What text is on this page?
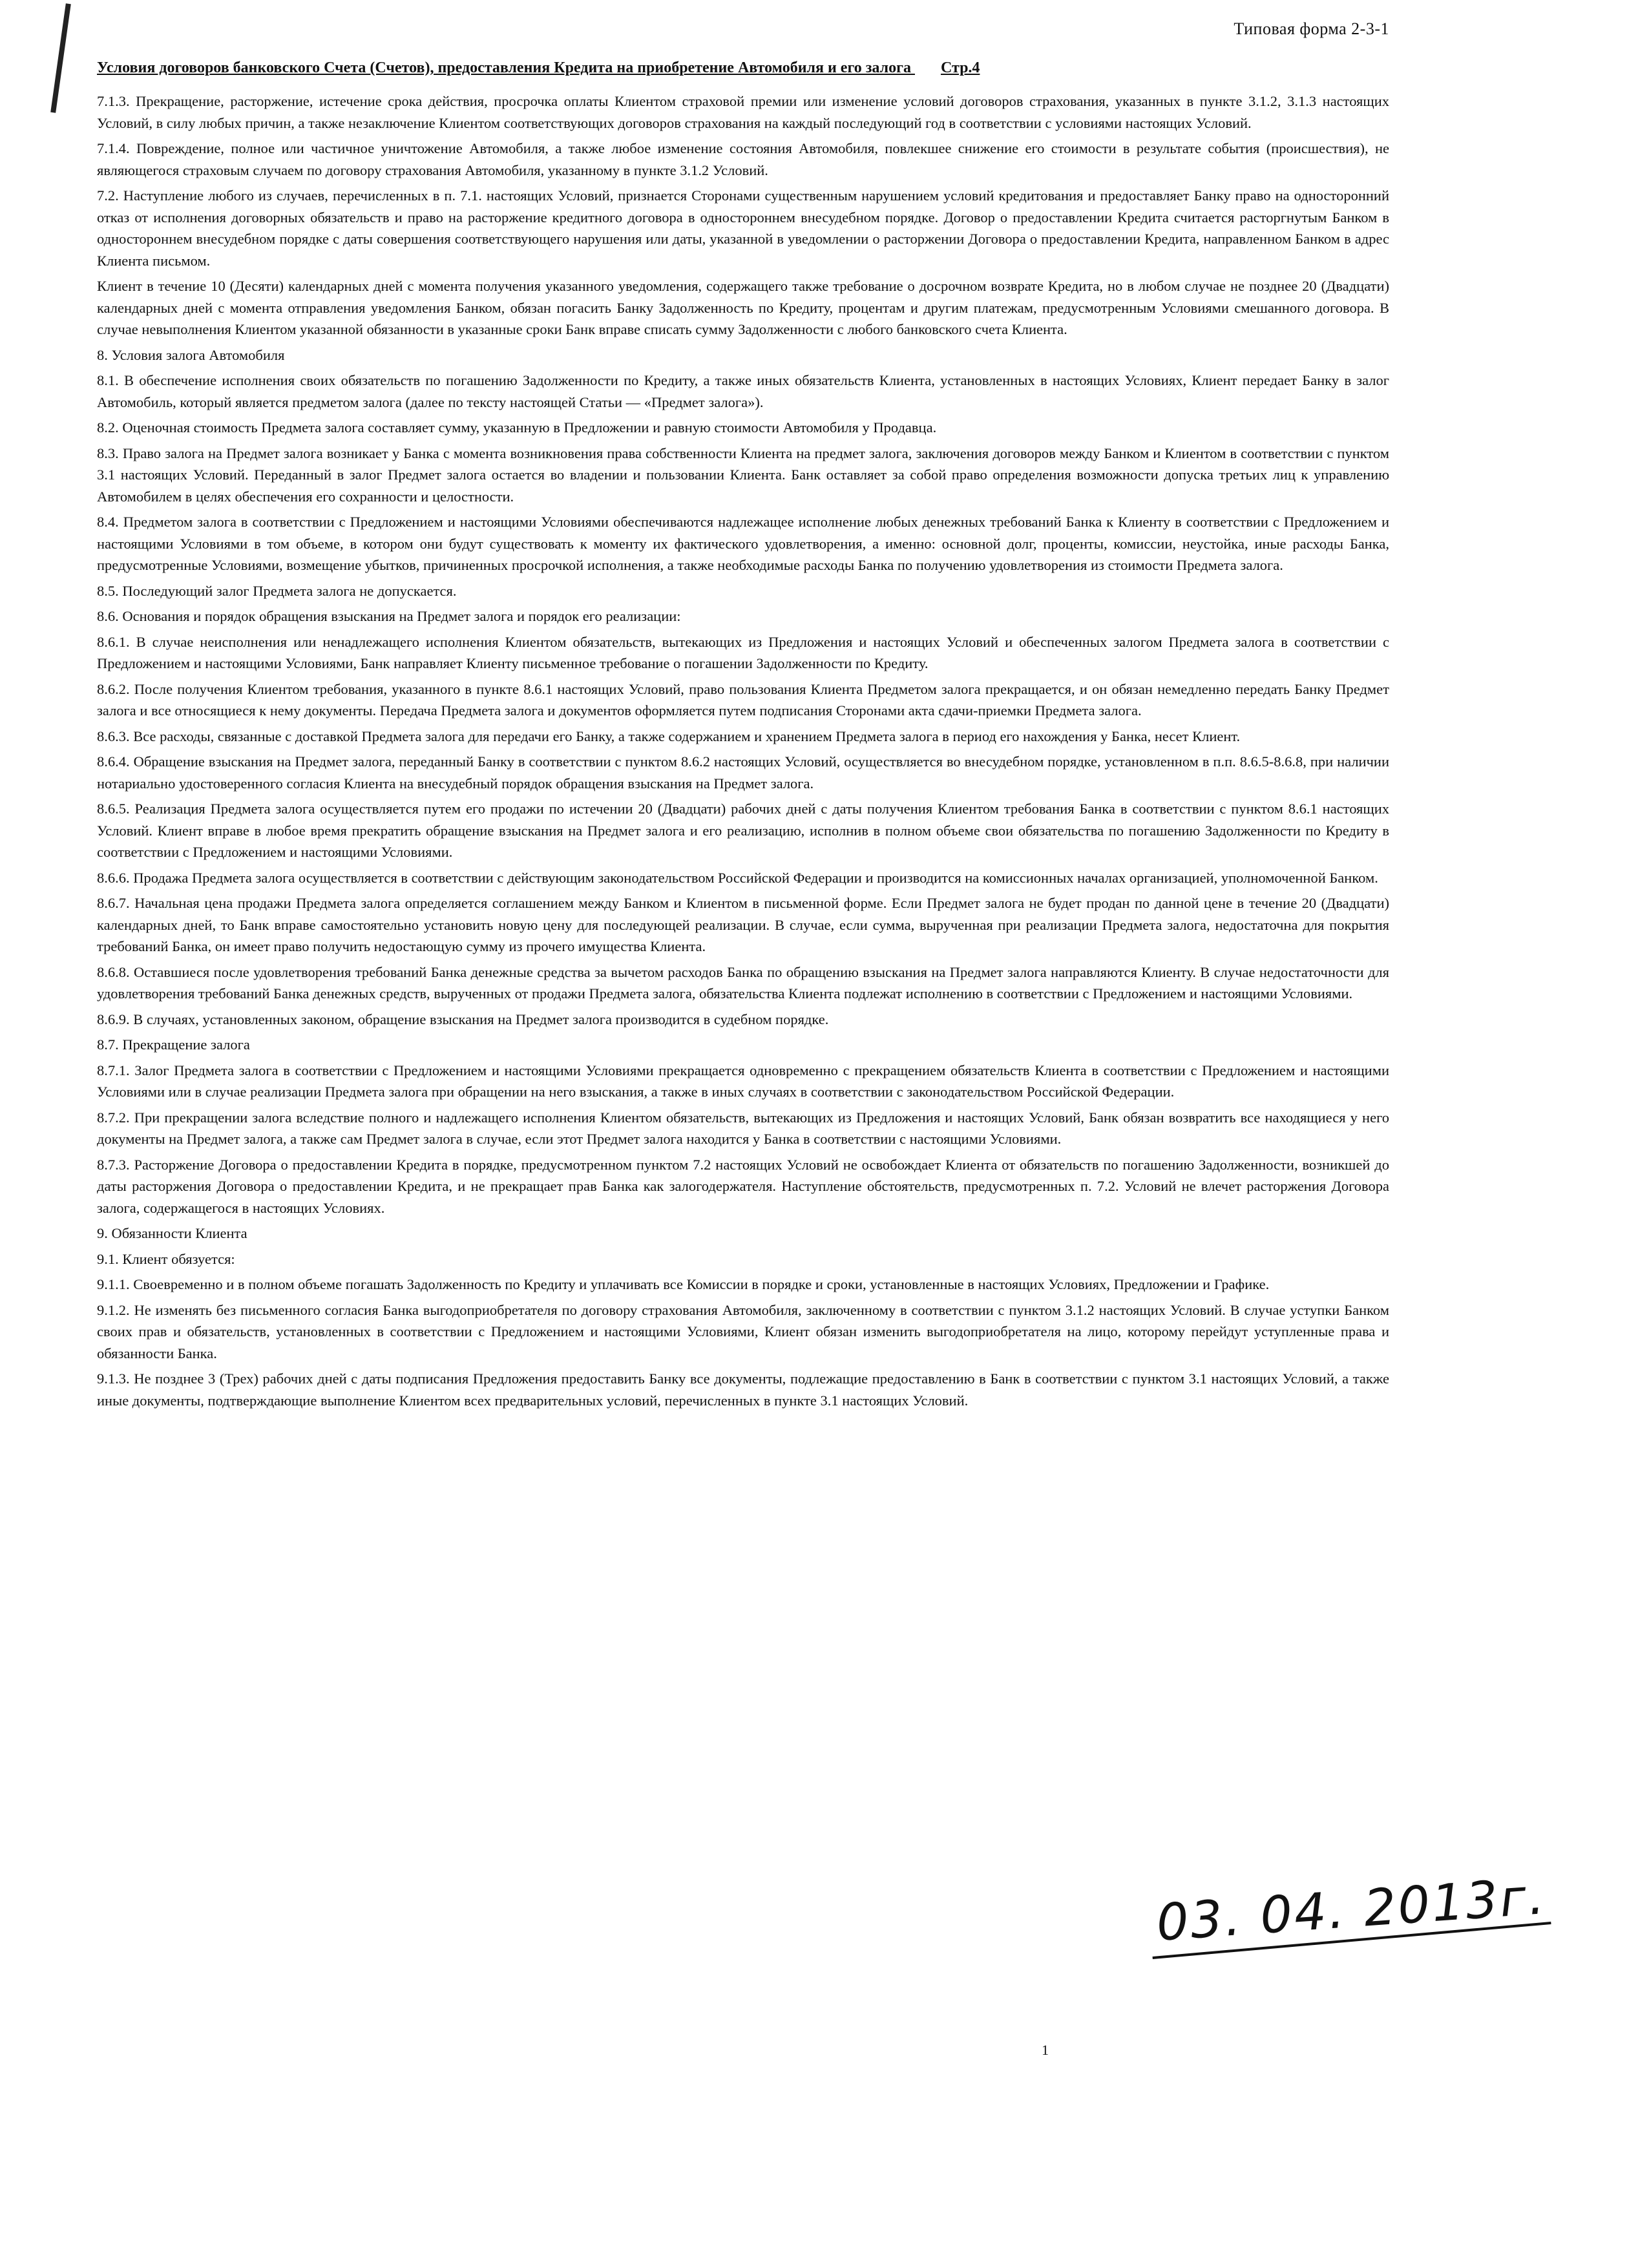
Типовая форма 2-3-1
Условия договоров банковского Счета (Счетов), предоставления Кредита на приобретение Автомобиля и его залога Стр.4

7.1.3. Прекращение, расторжение, истечение срока действия, просрочка оплаты Клиентом страховой премии или изменение условий договоров страхования, указанных в пункте 3.1.2, 3.1.3 настоящих Условий, в силу любых причин, а также незаключение Клиентом соответствующих договоров страхования на каждый последующий год в соответствии с условиями настоящих Условий.

7.1.4. Повреждение, полное или частичное уничтожение Автомобиля, а также любое изменение состояния Автомобиля, повлекшее снижение его стоимости в результате события (происшествия), не являющегося страховым случаем по договору страхования Автомобиля, указанному в пункте 3.1.2 Условий.

7.2. Наступление любого из случаев, перечисленных в п. 7.1. настоящих Условий, признается Сторонами существенным нарушением условий кредитования и предоставляет Банку право на односторонний отказ от исполнения договорных обязательств и право на расторжение кредитного договора в одностороннем внесудебном порядке. Договор о предоставлении Кредита считается расторгнутым Банком в одностороннем внесудебном порядке с даты совершения соответствующего нарушения или даты, указанной в уведомлении о расторжении Договора о предоставлении Кредита, направленном Банком в адрес Клиента письмом.

Клиент в течение 10 (Десяти) календарных дней с момента получения указанного уведомления, содержащего также требование о досрочном возврате Кредита, но в любом случае не позднее 20 (Двадцати) календарных дней с момента отправления уведомления Банком, обязан погасить Банку Задолженность по Кредиту, процентам и другим платежам, предусмотренным Условиями смешанного договора. В случае невыполнения Клиентом указанной обязанности в указанные сроки Банк вправе списать сумму Задолженности с любого банковского счета Клиента.

8. Условия залога Автомобиля

8.1. В обеспечение исполнения своих обязательств по погашению Задолженности по Кредиту, а также иных обязательств Клиента, установленных в настоящих Условиях, Клиент передает Банку в залог Автомобиль, который является предметом залога (далее по тексту настоящей Статьи — «Предмет залога»).

8.2. Оценочная стоимость Предмета залога составляет сумму, указанную в Предложении и равную стоимости Автомобиля у Продавца.

8.3. Право залога на Предмет залога возникает у Банка с момента возникновения права собственности Клиента на предмет залога, заключения договоров между Банком и Клиентом в соответствии с пунктом 3.1 настоящих Условий. Переданный в залог Предмет залога остается во владении и пользовании Клиента. Банк оставляет за собой право определения возможности допуска третьих лиц к управлению Автомобилем в целях обеспечения его сохранности и целостности.

8.4. Предметом залога в соответствии с Предложением и настоящими Условиями обеспечиваются надлежащее исполнение любых денежных требований Банка к Клиенту в соответствии с Предложением и настоящими Условиями в том объеме, в котором они будут существовать к моменту их фактического удовлетворения, а именно: основной долг, проценты, комиссии, неустойка, иные расходы Банка, предусмотренные Условиями, возмещение убытков, причиненных просрочкой исполнения, а также необходимые расходы Банка по получению удовлетворения из стоимости Предмета залога.

8.5. Последующий залог Предмета залога не допускается.

8.6. Основания и порядок обращения взыскания на Предмет залога и порядок его реализации:

8.6.1. В случае неисполнения или ненадлежащего исполнения Клиентом обязательств, вытекающих из Предложения и настоящих Условий и обеспеченных залогом Предмета залога в соответствии с Предложением и настоящими Условиями, Банк направляет Клиенту письменное требование о погашении Задолженности по Кредиту.

8.6.2. После получения Клиентом требования, указанного в пункте 8.6.1 настоящих Условий, право пользования Клиента Предметом залога прекращается, и он обязан немедленно передать Банку Предмет залога и все относящиеся к нему документы. Передача Предмета залога и документов оформляется путем подписания Сторонами акта сдачи-приемки Предмета залога.

8.6.3. Все расходы, связанные с доставкой Предмета залога для передачи его Банку, а также содержанием и хранением Предмета залога в период его нахождения у Банка, несет Клиент.

8.6.4. Обращение взыскания на Предмет залога, переданный Банку в соответствии с пунктом 8.6.2 настоящих Условий, осуществляется во внесудебном порядке, установленном в п.п. 8.6.5-8.6.8, при наличии нотариально удостоверенного согласия Клиента на внесудебный порядок обращения взыскания на Предмет залога.

8.6.5. Реализация Предмета залога осуществляется путем его продажи по истечении 20 (Двадцати) рабочих дней с даты получения Клиентом требования Банка в соответствии с пунктом 8.6.1 настоящих Условий. Клиент вправе в любое время прекратить обращение взыскания на Предмет залога и его реализацию, исполнив в полном объеме свои обязательства по погашению Задолженности по Кредиту в соответствии с Предложением и настоящими Условиями.

8.6.6. Продажа Предмета залога осуществляется в соответствии с действующим законодательством Российской Федерации и производится на комиссионных началах организацией, уполномоченной Банком.

8.6.7. Начальная цена продажи Предмета залога определяется соглашением между Банком и Клиентом в письменной форме. Если Предмет залога не будет продан по данной цене в течение 20 (Двадцати) календарных дней, то Банк вправе самостоятельно установить новую цену для последующей реализации. В случае, если сумма, вырученная при реализации Предмета залога, недостаточна для покрытия требований Банка, он имеет право получить недостающую сумму из прочего имущества Клиента.

8.6.8. Оставшиеся после удовлетворения требований Банка денежные средства за вычетом расходов Банка по обращению взыскания на Предмет залога направляются Клиенту. В случае недостаточности для удовлетворения требований Банка денежных средств, вырученных от продажи Предмета залога, обязательства Клиента подлежат исполнению в соответствии с Предложением и настоящими Условиями.

8.6.9. В случаях, установленных законом, обращение взыскания на Предмет залога производится в судебном порядке.

8.7. Прекращение залога

8.7.1. Залог Предмета залога в соответствии с Предложением и настоящими Условиями прекращается одновременно с прекращением обязательств Клиента в соответствии с Предложением и настоящими Условиями или в случае реализации Предмета залога при обращении на него взыскания, а также в иных случаях в соответствии с законодательством Российской Федерации.

8.7.2. При прекращении залога вследствие полного и надлежащего исполнения Клиентом обязательств, вытекающих из Предложения и настоящих Условий, Банк обязан возвратить все находящиеся у него документы на Предмет залога, а также сам Предмет залога в случае, если этот Предмет залога находится у Банка в соответствии с настоящими Условиями.

8.7.3. Расторжение Договора о предоставлении Кредита в порядке, предусмотренном пунктом 7.2 настоящих Условий не освобождает Клиента от обязательств по погашению Задолженности, возникшей до даты расторжения Договора о предоставлении Кредита, и не прекращает прав Банка как залогодержателя. Наступление обстоятельств, предусмотренных п. 7.2. Условий не влечет расторжения Договора залога, содержащегося в настоящих Условиях.

9. Обязанности Клиента

9.1. Клиент обязуется:

9.1.1. Своевременно и в полном объеме погашать Задолженность по Кредиту и уплачивать все Комиссии в порядке и сроки, установленные в настоящих Условиях, Предложении и Графике.

9.1.2. Не изменять без письменного согласия Банка выгодоприобретателя по договору страхования Автомобиля, заключенному в соответствии с пунктом 3.1.2 настоящих Условий. В случае уступки Банком своих прав и обязательств, установленных в соответствии с Предложением и настоящими Условиями, Клиент обязан изменить выгодоприобретателя на лицо, которому перейдут уступленные права и обязанности Банка.

9.1.3. Не позднее 3 (Трех) рабочих дней с даты подписания Предложения предоставить Банку все документы, подлежащие предоставлению в Банк в соответствии с пунктом 3.1 настоящих Условий, а также иные документы, подтверждающие выполнение Клиентом всех предварительных условий, перечисленных в пункте 3.1 настоящих Условий.

03. 04. 2013г.
1
